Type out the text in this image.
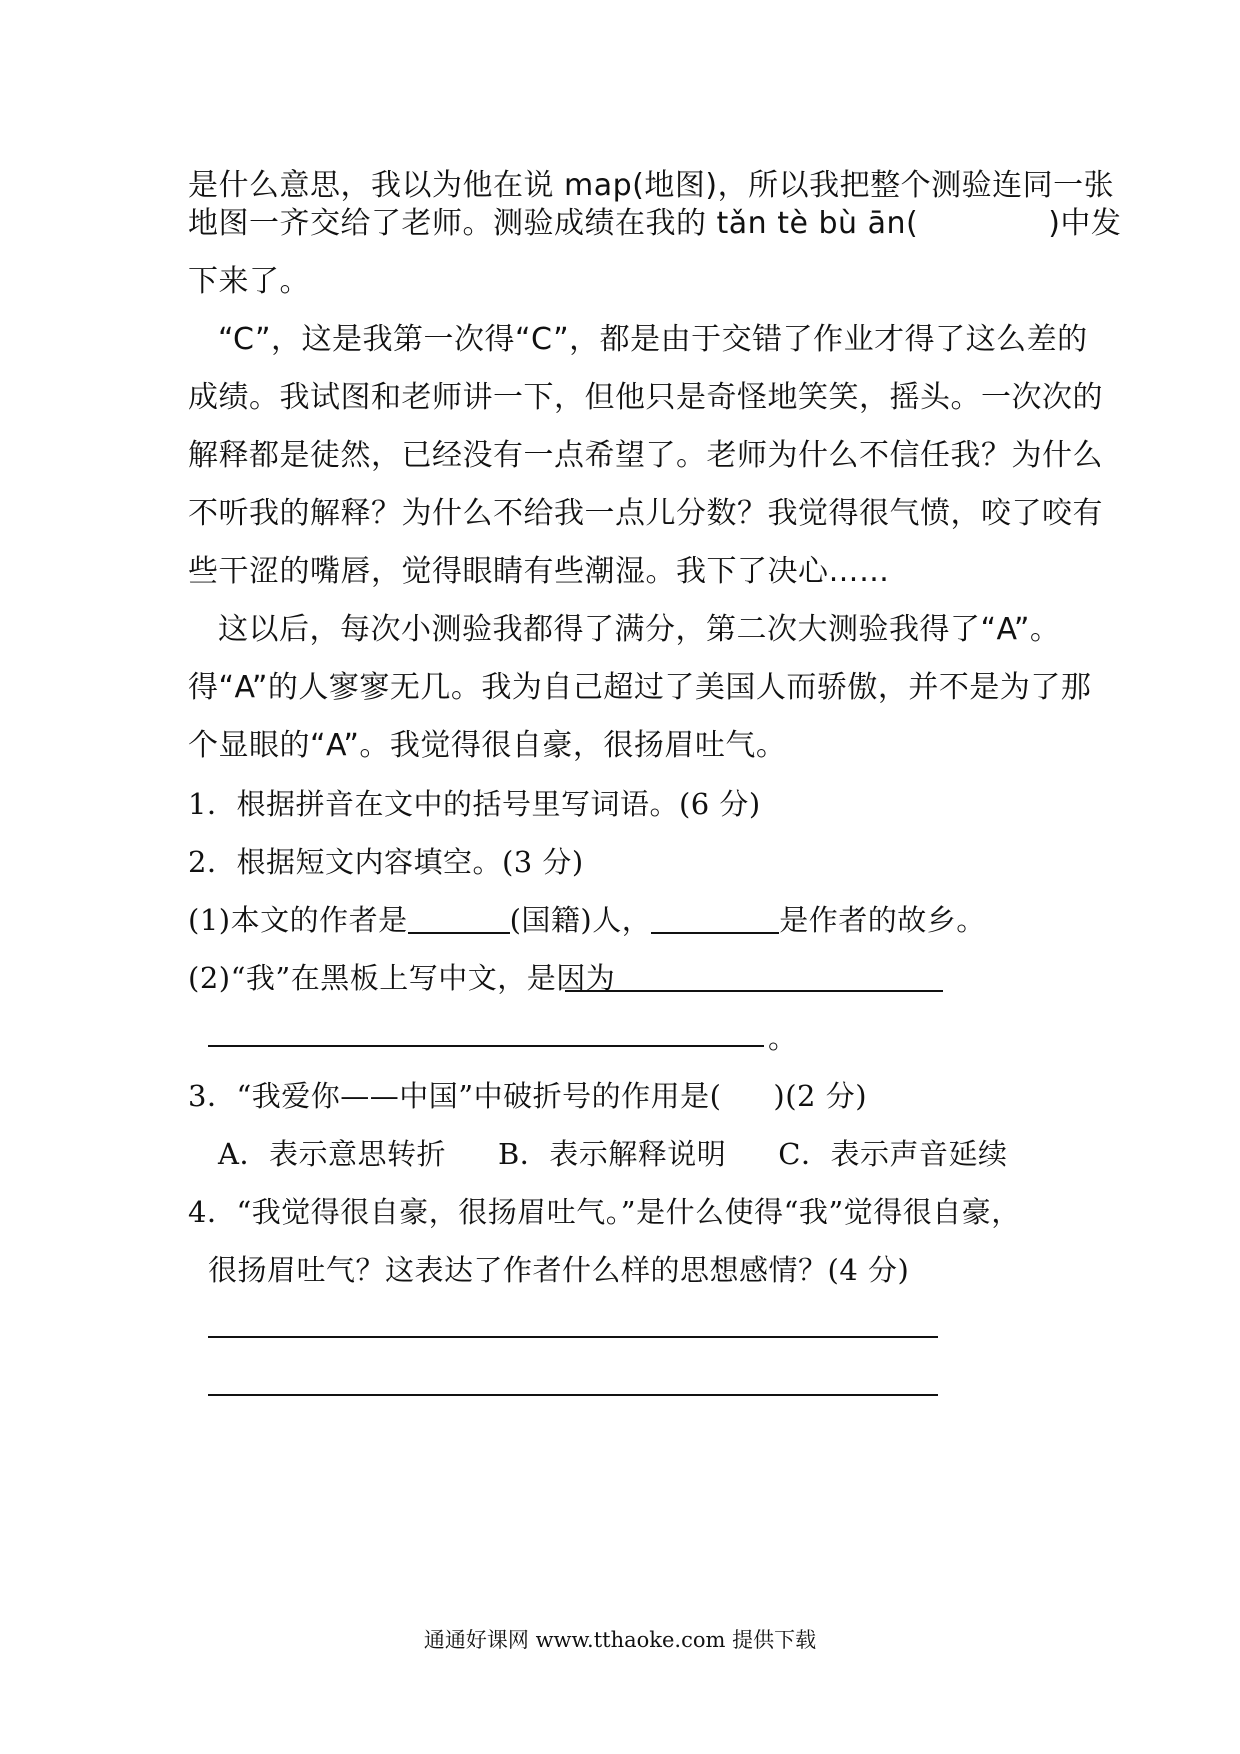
是什么意思，我以为他在说 map(地图)，所以我把整个测验连同一张
地图一齐交给了老师。测验成绩在我的 tǎn tè bù ān(	)中发
下来了。
“C”，这是我第一次得“C”，都是由于交错了作业才得了这么差的
成绩。我试图和老师讲一下，但他只是奇怪地笑笑，摇头。一次次的
解释都是徒然，已经没有一点希望了。老师为什么不信任我？为什么
不听我的解释？为什么不给我一点儿分数？我觉得很气愤，咬了咬有
些干涩的嘴唇，觉得眼睛有些潮湿。我下了决心……
这以后，每次小测验我都得了满分，第二次大测验我得了“A”。
得“A”的人寥寥无几。我为自己超过了美国人而骄傲，并不是为了那
个显眼的“A”。我觉得很自豪，很扬眉吐气。
1．根据拼音在文中的括号里写词语。(6 分)
2．根据短文内容填空。(3 分)
(1)本文的作者是	(国籍)人，	是作者的故乡。
(2)“我”在黑板上写中文，是因为
。
3．“我爱你——中国”中破折号的作用是( )(2 分)
A．表示意思转折 B．表示解释说明 C．表示声音延续
4．“我觉得很自豪，很扬眉吐气。”是什么使得“我”觉得很自豪，
很扬眉吐气？这表达了作者什么样的思想感情？(4 分)
通通好课网 www.tthaoke.com 提供下载
